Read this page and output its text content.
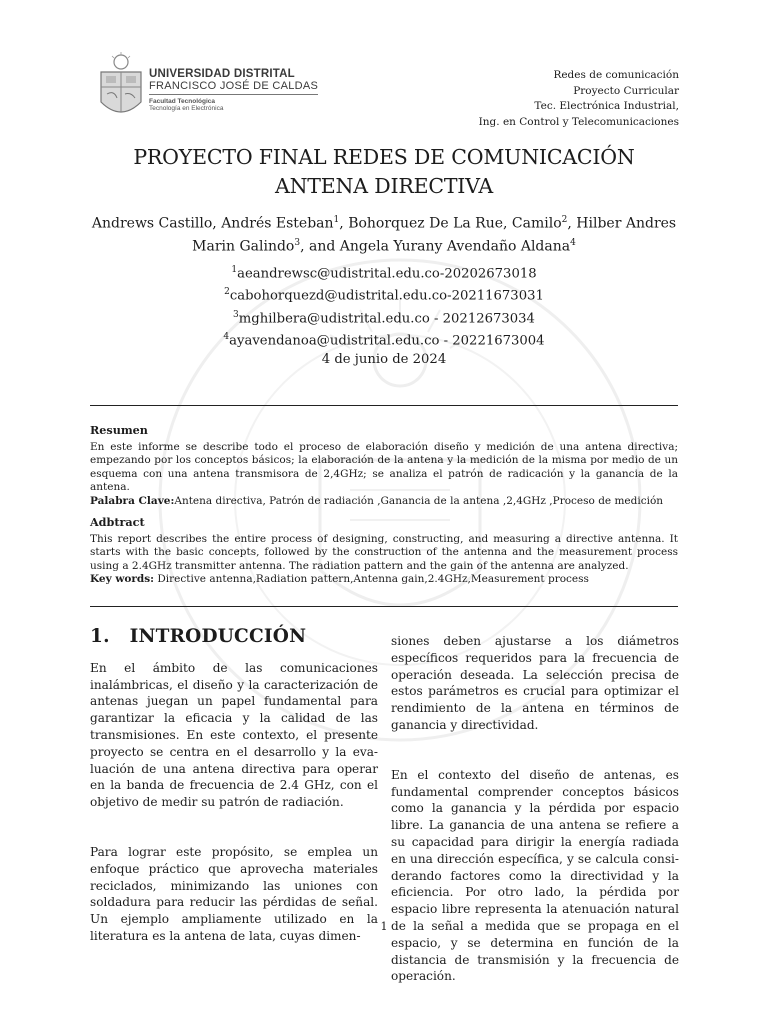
UNIVERSIDAD DISTRITAL
FRANCISCO JOSÉ DE CALDAS
Facultad Tecnológica
Tecnología en Electrónica
Redes de comunicación
Proyecto Curricular
Tec. Electrónica Industrial,
Ing. en Control y Telecomunicaciones
PROYECTO FINAL REDES DE COMUNICACIÓN ANTENA DIRECTIVA
Andrews Castillo, Andrés Esteban$^1$, Bohorquez De La Rue, Camilo$^2$, Hilber Andres Marin Galindo$^3$, and Angela Yurany Avendaño Aldana$^4$
$^1$aeandrewsc@udistrital.edu.co-20202673018
$^2$cabohorquezd@udistrital.edu.co-20211673031
$^3$mghilbera@udistrital.edu.co - 20212673034
$^4$ayavendanoa@udistrital.edu.co - 20221673004
4 de junio de 2024
Resumen

En este informe se describe todo el proceso de elaboración diseño y medición de una antena directiva; empezando por los conceptos básicos; la elaboración de la antena y la medición de la misma por medio de un esquema con una antena transmisora de 2,4GHz; se analiza el patrón de radicación y la ganancia de la antena.

Palabra Clave:Antena directiva, Patrón de radiación ,Ganancia de la antena ,2,4GHz ,Proceso de medición

Adbtract

This report describes the entire process of designing, constructing, and measuring a directive antenna. It starts with the basic concepts, followed by the construction of the antenna and the measurement process using a 2.4GHz transmitter antenna. The radiation pattern and the gain of the antenna are analyzed.

Key words: Directive antenna,Radiation pattern,Antenna gain,2.4GHz,Measurement process

1. INTRODUCCIÓN

En el ámbito de las comunicaciones inalámbricas, el diseño y la caracterización de antenas juegan un papel fundamental para garantizar la eficacia y la calidad de las transmisiones. En este contexto, el presente proyecto se centra en el desarrollo y la evaluación de una antena directiva para operar en la banda de frecuencia de 2.4 GHz, con el objetivo de medir su patrón de radiación.

Para lograr este propósito, se emplea un enfoque práctico que aprovecha materiales reciclados, minimizando las uniones con soldadura para reducir las pérdidas de señal. Un ejemplo ampliamente utilizado en la literatura es la antena de lata, cuyas dimen-

siones deben ajustarse a los diámetros específicos requeridos para la frecuencia de operación deseada. La selección precisa de estos parámetros es crucial para optimizar el rendimiento de la antena en términos de ganancia y directividad.

En el contexto del diseño de antenas, es fundamental comprender conceptos básicos como la ganancia y la pérdida por espacio libre. La ganancia de una antena se refiere a su capacidad para dirigir la energía radiada en una dirección específica, y se calcula considerando factores como la directividad y la eficiencia. Por otro lado, la pérdida por espacio libre representa la atenuación natural de la señal a medida que se propaga en el espacio, y se determina en función de la distancia de transmisión y la frecuencia de operación.

1
